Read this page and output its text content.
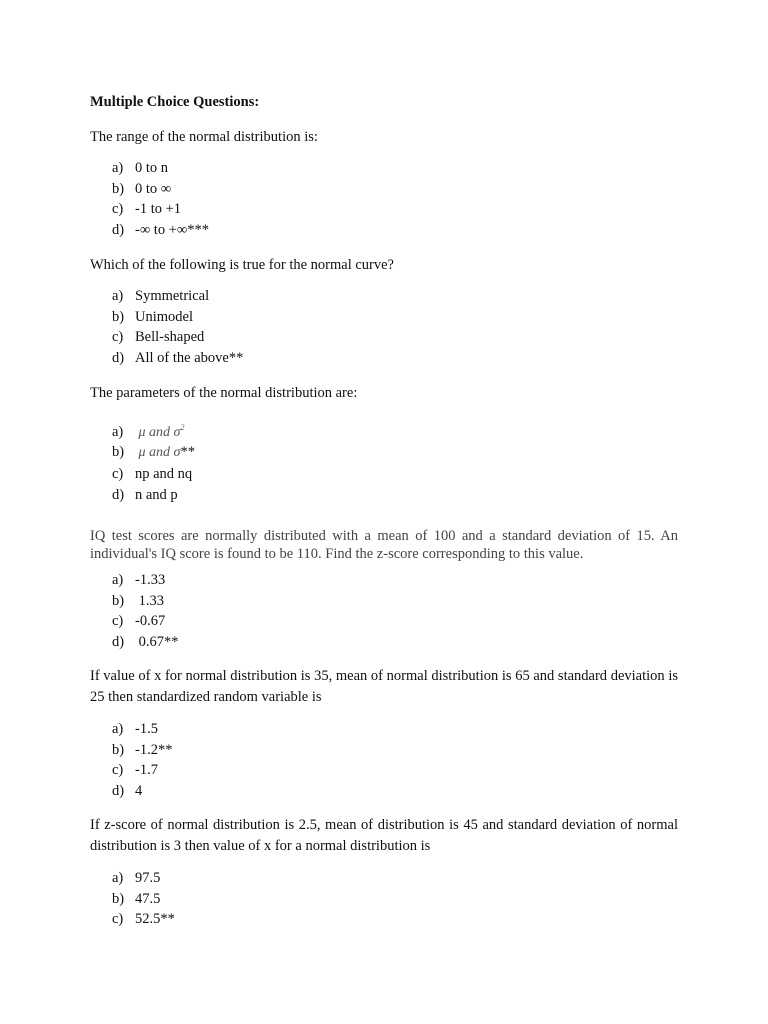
Multiple Choice Questions:
The range of the normal distribution is:
a) 0 to n
b) 0 to ∞
c) -1 to +1
d) -∞ to +∞***
Which of the following is true for the normal curve?
a) Symmetrical
b) Unimodel
c) Bell-shaped
d) All of the above**
The parameters of the normal distribution are:
a) μ and $\sigma^2$
b) μ and σ**
c) np and nq
d) n and p
IQ test scores are normally distributed with a mean of 100 and a standard deviation of 15. An individual's IQ score is found to be 110. Find the z-score corresponding to this value.
a) -1.33
b) 1.33
c) -0.67
d) 0.67**
If value of x for normal distribution is 35, mean of normal distribution is 65 and standard deviation is 25 then standardized random variable is
a) -1.5
b) -1.2**
c) -1.7
d) 4
If z-score of normal distribution is 2.5, mean of distribution is 45 and standard deviation of normal distribution is 3 then value of x for a normal distribution is
a) 97.5
b) 47.5
c) 52.5**
